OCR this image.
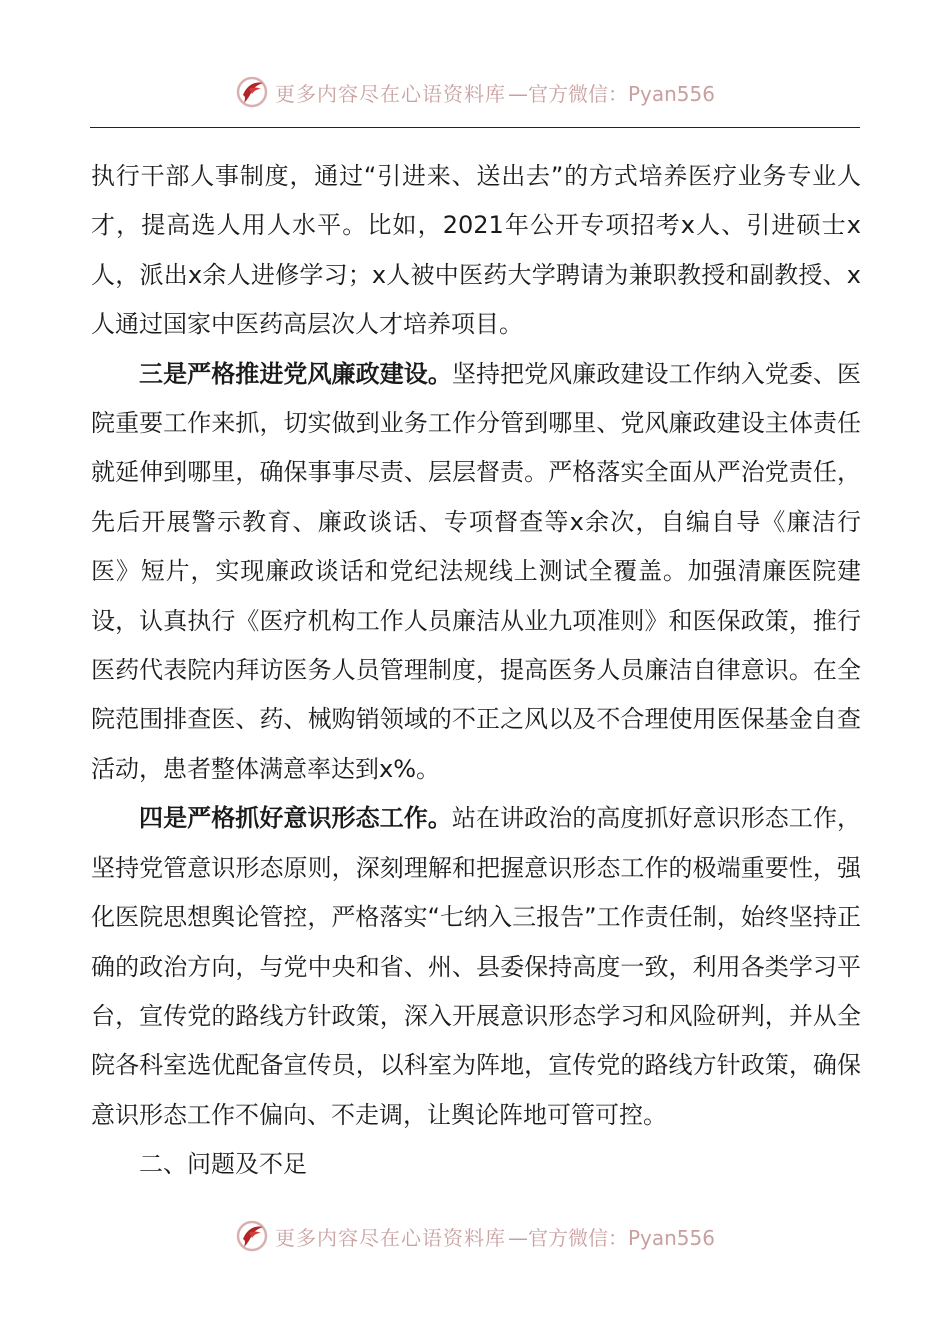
更多内容尽在心语资料库 —官方微信：Pyan556

执行干部人事制度，通过“引进来、送出去”的方式培养医疗业务专业人才，提高选人用人水平。比如，2021年公开专项招考x人、引进硕士x人，派出x余人进修学习；x人被中医药大学聘请为兼职教授和副教授、x人通过国家中医药高层次人才培养项目。

三是严格推进党风廉政建设。坚持把党风廉政建设工作纳入党委、医院重要工作来抓，切实做到业务工作分管到哪里、党风廉政建设主体责任就延伸到哪里，确保事事尽责、层层督责。严格落实全面从严治党责任，先后开展警示教育、廉政谈话、专项督查等x余次，自编自导《廉洁行医》短片，实现廉政谈话和党纪法规线上测试全覆盖。加强清廉医院建设，认真执行《医疗机构工作人员廉洁从业九项准则》和医保政策，推行医药代表院内拜访医务人员管理制度，提高医务人员廉洁自律意识。在全院范围排查医、药、械购销领域的不正之风以及不合理使用医保基金自查活动，患者整体满意率达到x%。

四是严格抓好意识形态工作。站在讲政治的高度抓好意识形态工作，坚持党管意识形态原则，深刻理解和把握意识形态工作的极端重要性，强化医院思想舆论管控，严格落实“七纳入三报告”工作责任制，始终坚持正确的政治方向，与党中央和省、州、县委保持高度一致，利用各类学习平台，宣传党的路线方针政策，深入开展意识形态学习和风险研判，并从全院各科室选优配备宣传员，以科室为阵地，宣传党的路线方针政策，确保意识形态工作不偏向、不走调，让舆论阵地可管可控。

二、问题及不足

更多内容尽在心语资料库 —官方微信：Pyan556
